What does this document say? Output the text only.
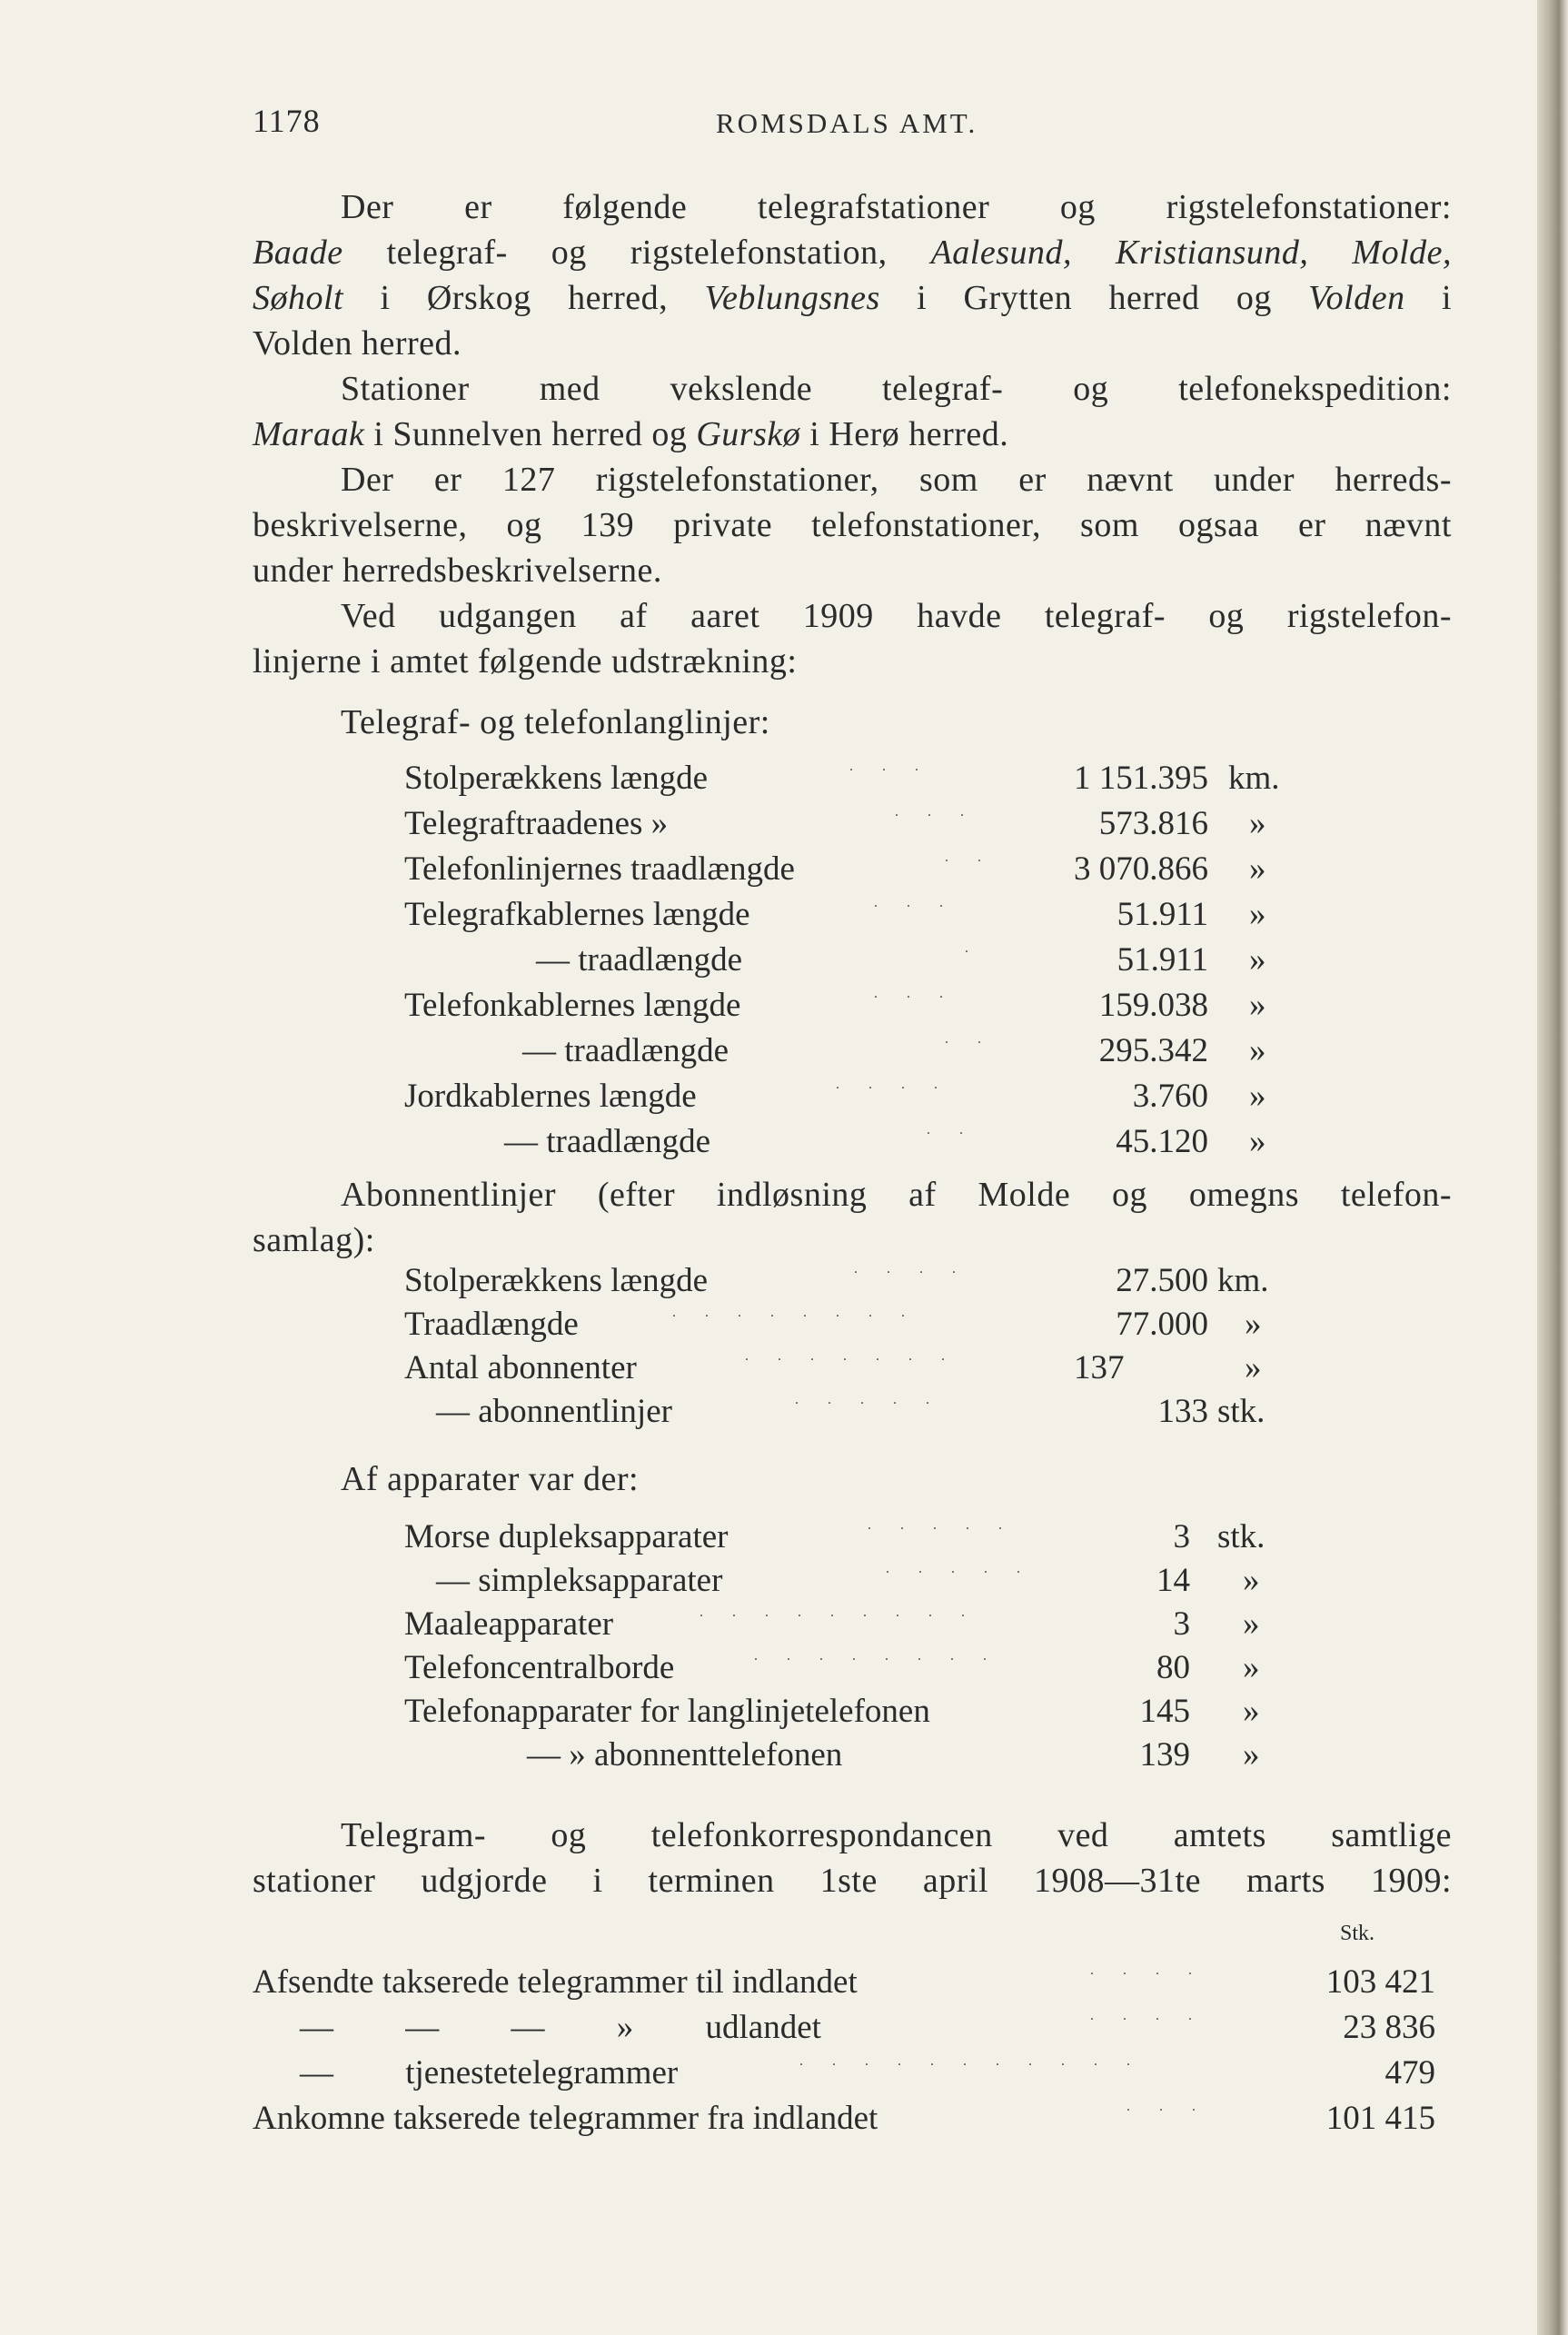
1178	ROMSDALS AMT.
Der er følgende telegrafstationer og rigstelefonstationer:
Baade telegraf- og rigstelefonstation, Aalesund, Kristiansund, Molde,
Søholt i Ørskog herred, Veblungsnes i Grytten herred og Volden i
Volden herred.
Stationer med vekslende telegraf- og telefonekspedition:
Maraak i Sunnelven herred og Gurskø i Herø herred.
Der er 127 rigstelefonstationer, som er nævnt under herreds-
beskrivelserne, og 139 private telefonstationer, som ogsaa er nævnt
under herredsbeskrivelserne.
Ved udgangen af aaret 1909 havde telegraf- og rigstelefon-
linjerne i amtet følgende udstrækning:
Telegraf- og telefonlanglinjer:
Stolperækkens længde	. . .	1 151.395 km.
Telegraftraadenes »	. . .	573.816 »
Telefonlinjernes traadlængde	. .	3 070.866 »
Telegrafkablernes længde	. . .	51.911 »
— traadlængde	.	51.911 »
Telefonkablernes længde	. . .	159.038 »
— traadlængde	. .	295.342 »
Jordkablernes længde	. . . .	3.760 »
— traadlængde	. .	45.120 »
Abonnentlinjer (efter indløsning af Molde og omegns telefon-
samlag):
Stolperækkens længde	. . . .	27.500 km.
Traadlængde	. . . . . . . .	77.000 »
Antal abonnenter	. . . . . . .	137	»
— abonnentlinjer	. . . . .	133 stk.
Af apparater var der:
Morse dupleksapparater	. . . . .	3 stk.
— simpleksapparater	. . . . .	14 »
Maaleapparater	. . . . . . . . .	3 »
Telefoncentralborde	. . . . . . . .	80 »
Telefonapparater for langlinjetelefonen	145 »
— » abonnenttelefonen	139 »
Telegram- og telefonkorrespondancen ved amtets samtlige
stationer udgjorde i terminen 1ste april 1908—31te marts 1909:
Stk.
Afsendte takserede telegrammer til indlandet	. . . .	103 421
— — — » udlandet	. . . .	23 836
— tjenestetelegrammer	. . . . . . . . . . .	479
Ankomne takserede telegrammer fra indlandet	. . .	101 415
